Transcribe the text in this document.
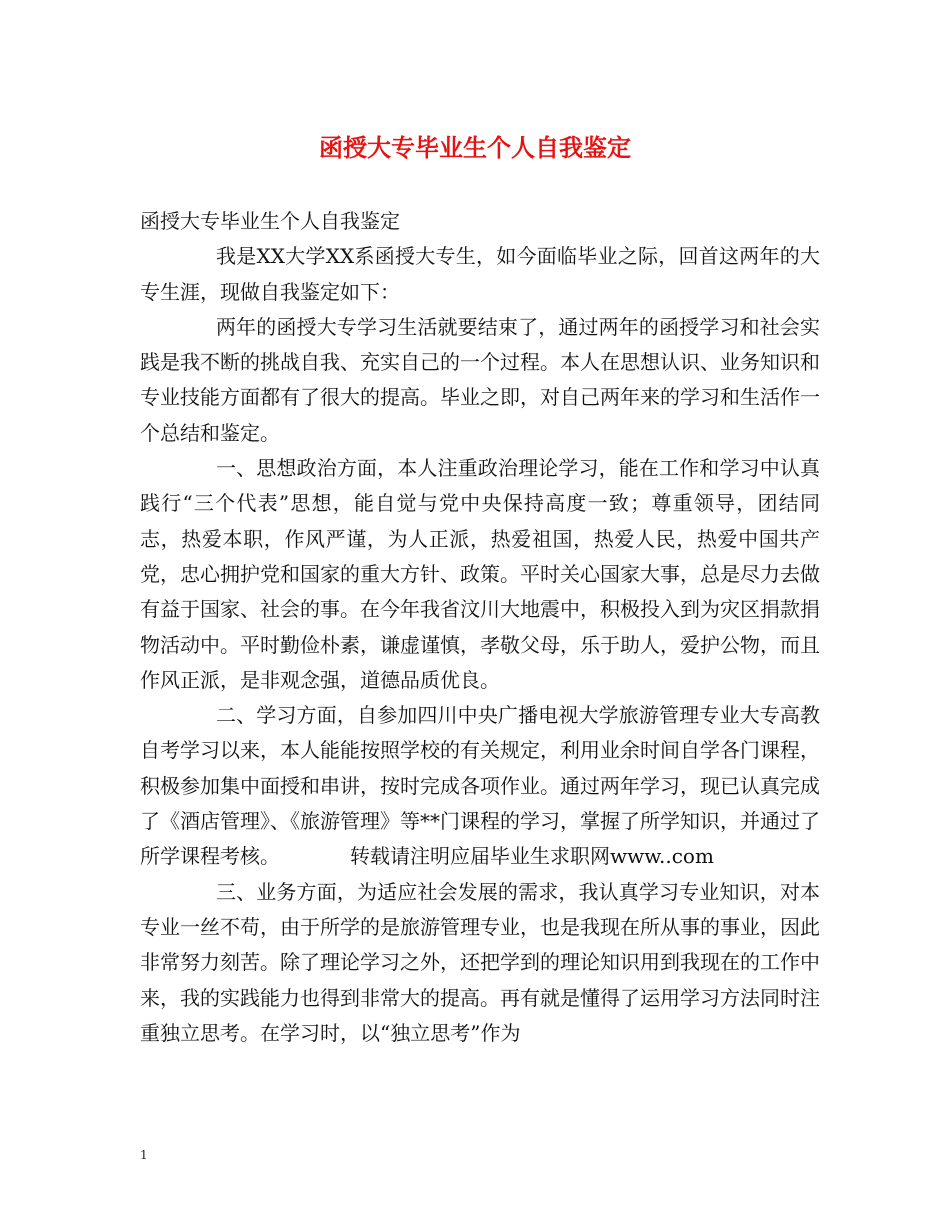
函授大专毕业生个人自我鉴定

函授大专毕业生个人自我鉴定

我是XX大学XX系函授大专生，如今面临毕业之际，回首这两年的大专生涯，现做自我鉴定如下：

两年的函授大专学习生活就要结束了，通过两年的函授学习和社会实践是我不断的挑战自我、充实自己的一个过程。本人在思想认识、业务知识和专业技能方面都有了很大的提高。毕业之即，对自己两年来的学习和生活作一个总结和鉴定。

一、思想政治方面，本人注重政治理论学习，能在工作和学习中认真践行“三个代表”思想，能自觉与党中央保持高度一致；尊重领导，团结同志，热爱本职，作风严谨，为人正派，热爱祖国，热爱人民，热爱中国共产党，忠心拥护党和国家的重大方针、政策。平时关心国家大事，总是尽力去做有益于国家、社会的事。在今年我省汶川大地震中，积极投入到为灾区捐款捐物活动中。平时勤俭朴素，谦虚谨慎，孝敬父母，乐于助人，爱护公物，而且作风正派，是非观念强，道德品质优良。

二、学习方面，自参加四川中央广播电视大学旅游管理专业大专高教自考学习以来，本人能能按照学校的有关规定，利用业余时间自学各门课程，积极参加集中面授和串讲，按时完成各项作业。通过两年学习，现已认真完成了《酒店管理》、《旅游管理》等**门课程的学习，掌握了所学知识，并通过了所学课程考核。　　　　转载请注明应届毕业生求职网www..com

三、业务方面，为适应社会发展的需求，我认真学习专业知识，对本专业一丝不苟，由于所学的是旅游管理专业，也是我现在所从事的事业，因此非常努力刻苦。除了理论学习之外，还把学到的理论知识用到我现在的工作中来，我的实践能力也得到非常大的提高。再有就是懂得了运用学习方法同时注重独立思考。在学习时，以“独立思考”作为

1
